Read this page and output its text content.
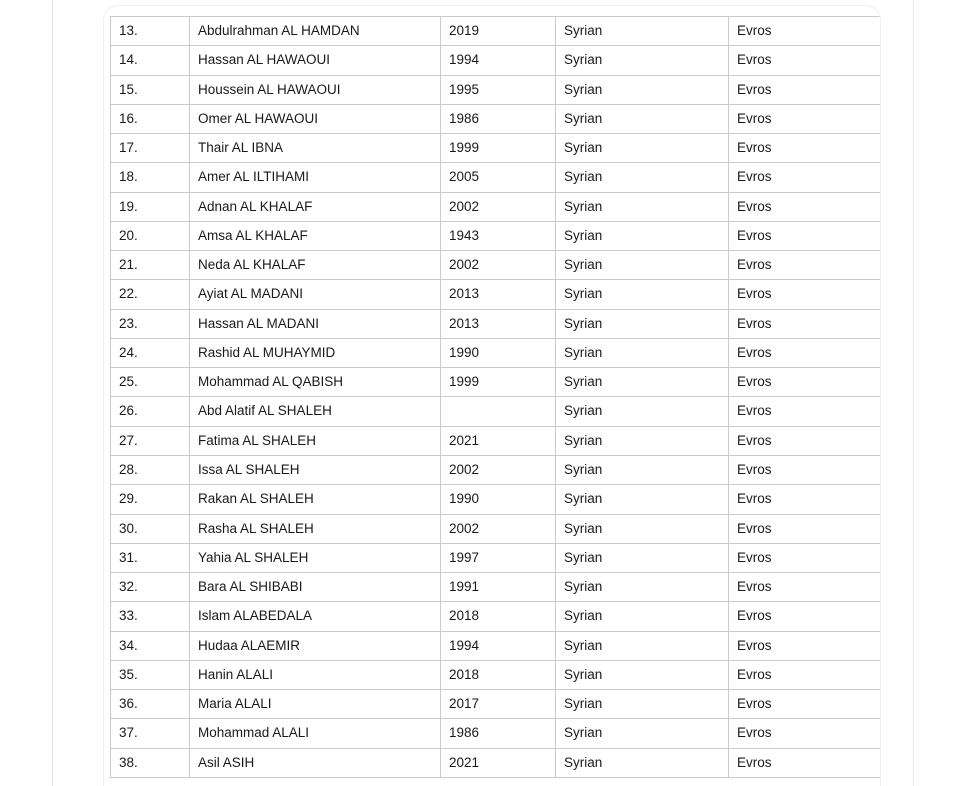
13.	Abdulrahman AL HAMDAN	2019	Syrian	Evros
14.	Hassan AL HAWAOUI	1994	Syrian	Evros
15.	Houssein AL HAWAOUI	1995	Syrian	Evros
16.	Omer AL HAWAOUI	1986	Syrian	Evros
17.	Thair AL IBNA	1999	Syrian	Evros
18.	Amer AL ILTIHAMI	2005	Syrian	Evros
19.	Adnan AL KHALAF	2002	Syrian	Evros
20.	Amsa AL KHALAF	1943	Syrian	Evros
21.	Neda AL KHALAF	2002	Syrian	Evros
22.	Ayiat AL MADANI	2013	Syrian	Evros
23.	Hassan AL MADANI	2013	Syrian	Evros
24.	Rashid AL MUHAYMID	1990	Syrian	Evros
25.	Mohammad AL QABISH	1999	Syrian	Evros
26.	Abd Alatif AL SHALEH		Syrian	Evros
27.	Fatima AL SHALEH	2021	Syrian	Evros
28.	Issa AL SHALEH	2002	Syrian	Evros
29.	Rakan AL SHALEH	1990	Syrian	Evros
30.	Rasha AL SHALEH	2002	Syrian	Evros
31.	Yahia AL SHALEH	1997	Syrian	Evros
32.	Bara AL SHIBABI	1991	Syrian	Evros
33.	Islam ALABEDALA	2018	Syrian	Evros
34.	Hudaa ALAEMIR	1994	Syrian	Evros
35.	Hanin ALALI	2018	Syrian	Evros
36.	Maria ALALI	2017	Syrian	Evros
37.	Mohammad ALALI	1986	Syrian	Evros
38.	Asil ASIH	2021	Syrian	Evros
